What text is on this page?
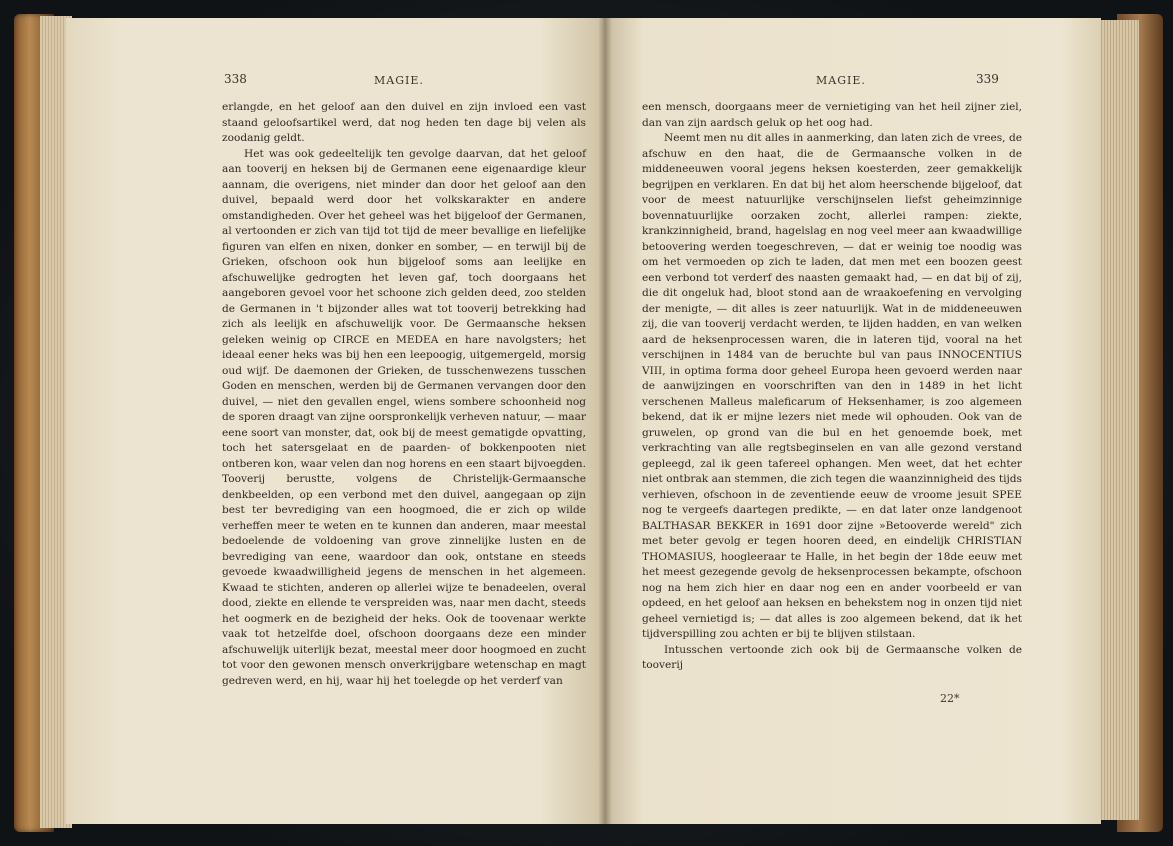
338	MAGIE.

erlangde, en het geloof aan den duivel en zijn invloed een vast staand geloofsartikel werd, dat nog heden ten dage bij velen als zoodanig geldt.

Het was ook gedeeltelijk ten gevolge daarvan, dat het geloof aan tooverij en heksen bij de Germanen eene eigenaardige kleur aannam, die overigens, niet minder dan door het geloof aan den duivel, bepaald werd door het volkskarakter en andere omstandigheden. Over het geheel was het bijgeloof der Germanen, al vertoonden er zich van tijd tot tijd de meer bevallige en liefelijke figuren van elfen en nixen, donker en somber, — en terwijl bij de Grieken, ofschoon ook hun bijgeloof soms aan leelijke en afschuwelijke gedrogten het leven gaf, toch doorgaans het aangeboren gevoel voor het schoone zich gelden deed, zoo stelden de Germanen in 't bijzonder alles wat tot tooverij betrekking had zich als leelijk en afschuwelijk voor. De Germaansche heksen geleken weinig op CIRCE en MEDEA en hare navolgsters; het ideaal eener heks was bij hen een leepoogig, uitgemergeld, morsig oud wijf. De daemonen der Grieken, de tusschenwezens tusschen Goden en menschen, werden bij de Germanen vervangen door den duivel, — niet den gevallen engel, wiens sombere schoonheid nog de sporen draagt van zijne oorspronkelijk verheven natuur, — maar eene soort van monster, dat, ook bij de meest gematigde opvatting, toch het satersgelaat en de paarden- of bokkenpooten niet ontberen kon, waar velen dan nog horens en een staart bijvoegden. Tooverij berustte, volgens de Christelijk-Germaansche denkbeelden, op een verbond met den duivel, aangegaan op zijn best ter bevrediging van een hoogmoed, die er zich op wilde verheffen meer te weten en te kunnen dan anderen, maar meestal bedoelende de voldoening van grove zinnelijke lusten en de bevrediging van eene, waardoor dan ook, ontstane en steeds gevoede kwaadwilligheid jegens de menschen in het algemeen. Kwaad te stichten, anderen op allerlei wijze te benadeelen, overal dood, ziekte en ellende te verspreiden was, naar men dacht, steeds het oogmerk en de bezigheid der heks. Ook de toovenaar werkte vaak tot hetzelfde doel, ofschoon doorgaans deze een minder afschuwelijk uiterlijk bezat, meestal meer door hoogmoed en zucht tot voor den gewonen mensch onverkrijgbare wetenschap en magt gedreven werd, en hij, waar hij het toelegde op het verderf van

MAGIE.	339

een mensch, doorgaans meer de vernietiging van het heil zijner ziel, dan van zijn aardsch geluk op het oog had.

Neemt men nu dit alles in aanmerking, dan laten zich de vrees, de afschuw en den haat, die de Germaansche volken in de middeneeuwen vooral jegens heksen koesterden, zeer gemakkelijk begrijpen en verklaren. En dat bij het alom heerschende bijgeloof, dat voor de meest natuurlijke verschijnselen liefst geheimzinnige bovennatuurlijke oorzaken zocht, allerlei rampen: ziekte, krankzinnigheid, brand, hagelslag en nog veel meer aan kwaadwillige betoovering werden toegeschreven, — dat er weinig toe noodig was om het vermoeden op zich te laden, dat men met een boozen geest een verbond tot verderf des naasten gemaakt had, — en dat bij of zij, die dit ongeluk had, bloot stond aan de wraakoefening en vervolging der menigte, — dit alles is zeer natuurlijk. Wat in de middeneeuwen zij, die van tooverij verdacht werden, te lijden hadden, en van welken aard de heksenprocessen waren, die in lateren tijd, vooral na het verschijnen in 1484 van de beruchte bul van paus INNOCENTIUS VIII, in optima forma door geheel Europa heen gevoerd werden naar de aanwijzingen en voorschriften van den in 1489 in het licht verschenen Malleus maleficarum of Heksenhamer, is zoo algemeen bekend, dat ik er mijne lezers niet mede wil ophouden. Ook van de gruwelen, op grond van die bul en het genoemde boek, met verkrachting van alle regtsbeginselen en van alle gezond verstand gepleegd, zal ik geen tafereel ophangen. Men weet, dat het echter niet ontbrak aan stemmen, die zich tegen die waanzinnigheid des tijds verhieven, ofschoon in de zeventiende eeuw de vroome jesuit SPEE nog te vergeefs daartegen predikte, — en dat later onze landgenoot BALTHASAR BEKKER in 1691 door zijne »Betooverde wereld" zich met beter gevolg er tegen hooren deed, en eindelijk CHRISTIAN THOMASIUS, hoogleeraar te Halle, in het begin der 18de eeuw met het meest gezegende gevolg de heksenprocessen bekampte, ofschoon nog na hem zich hier en daar nog een en ander voorbeeld er van opdeed, en het geloof aan heksen en behekstem nog in onzen tijd niet geheel vernietigd is; — dat alles is zoo algemeen bekend, dat ik het tijdverspilling zou achten er bij te blijven stilstaan.

Intusschen vertoonde zich ook bij de Germaansche volken de tooverij

22*
